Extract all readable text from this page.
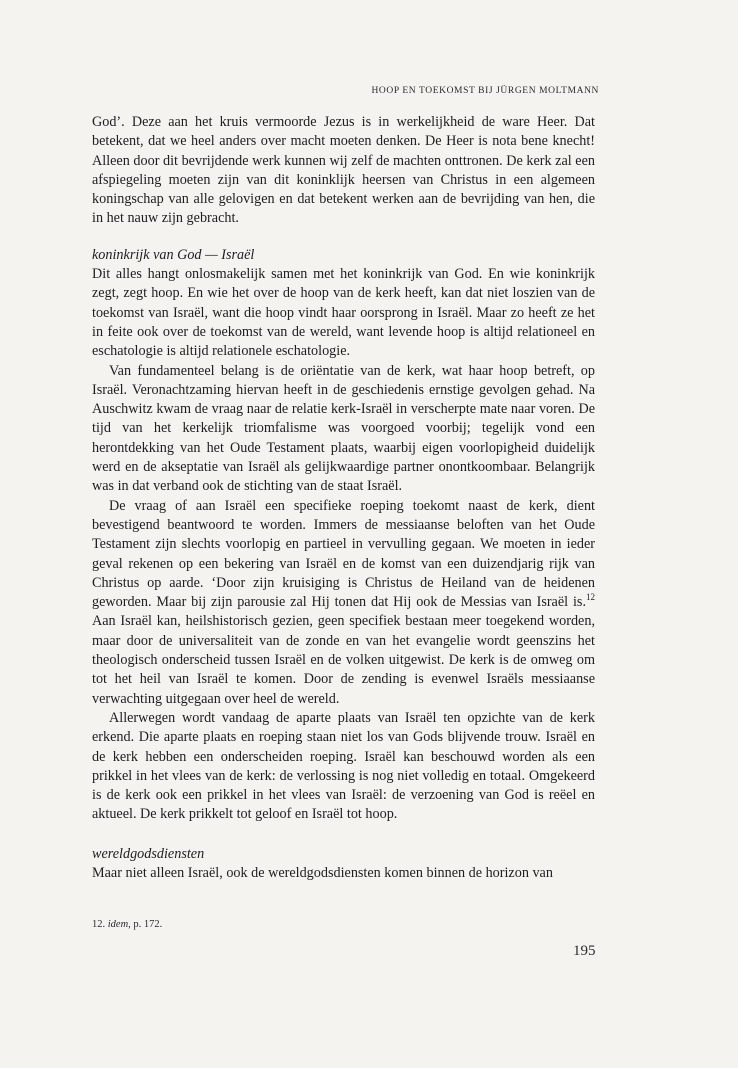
HOOP EN TOEKOMST BIJ JÜRGEN MOLTMANN

God’. Deze aan het kruis vermoorde Jezus is in werkelijkheid de ware Heer. Dat betekent, dat we heel anders over macht moeten denken. De Heer is nota bene knecht! Alleen door dit bevrijdende werk kunnen wij zelf de machten onttronen. De kerk zal een afspiegeling moeten zijn van dit koninklijk heersen van Christus in een algemeen koningschap van alle gelovigen en dat betekent werken aan de bevrijding van hen, die in het nauw zijn gebracht.

koninkrijk van God — Israël

Dit alles hangt onlosmakelijk samen met het koninkrijk van God. En wie koninkrijk zegt, zegt hoop. En wie het over de hoop van de kerk heeft, kan dat niet loszien van de toekomst van Israël, want die hoop vindt haar oorsprong in Israël. Maar zo heeft ze het in feite ook over de toekomst van de wereld, want levende hoop is altijd relationeel en eschatologie is altijd relationele eschatologie.

Van fundamenteel belang is de oriëntatie van de kerk, wat haar hoop betreft, op Israël. Veronachtzaming hiervan heeft in de geschiedenis ernstige gevolgen gehad. Na Auschwitz kwam de vraag naar de relatie kerk-Israël in verscherpte mate naar voren. De tijd van het kerkelijk triomfalisme was voorgoed voorbij; tegelijk vond een herontdekking van het Oude Testament plaats, waarbij eigen voorlopigheid duidelijk werd en de akseptatie van Israël als gelijkwaardige partner onontkoombaar. Belangrijk was in dat verband ook de stichting van de staat Israël.

De vraag of aan Israël een specifieke roeping toekomt naast de kerk, dient bevestigend beantwoord te worden. Immers de messiaanse beloften van het Oude Testament zijn slechts voorlopig en partieel in vervulling gegaan. We moeten in ieder geval rekenen op een bekering van Israël en de komst van een duizendjarig rijk van Christus op aarde. ‘Door zijn kruisiging is Christus de Heiland van de heidenen geworden. Maar bij zijn parousie zal Hij tonen dat Hij ook de Messias van Israël is.$^{12}$ Aan Israël kan, heilshistorisch gezien, geen specifiek bestaan meer toegekend worden, maar door de universaliteit van de zonde en van het evangelie wordt geenszins het theologisch onderscheid tussen Israël en de volken uitgewist. De kerk is de omweg om tot het heil van Israël te komen. Door de zending is evenwel Israëls messiaanse verwachting uitgegaan over heel de wereld.

Allerwegen wordt vandaag de aparte plaats van Israël ten opzichte van de kerk erkend. Die aparte plaats en roeping staan niet los van Gods blijvende trouw. Israël en de kerk hebben een onderscheiden roeping. Israël kan beschouwd worden als een prikkel in het vlees van de kerk: de verlossing is nog niet volledig en totaal. Omgekeerd is de kerk ook een prikkel in het vlees van Israël: de verzoening van God is reëel en aktueel. De kerk prikkelt tot geloof en Israël tot hoop.

wereldgodsdiensten

Maar niet alleen Israël, ook de wereldgodsdiensten komen binnen de horizon van

12. idem, p. 172.
195
